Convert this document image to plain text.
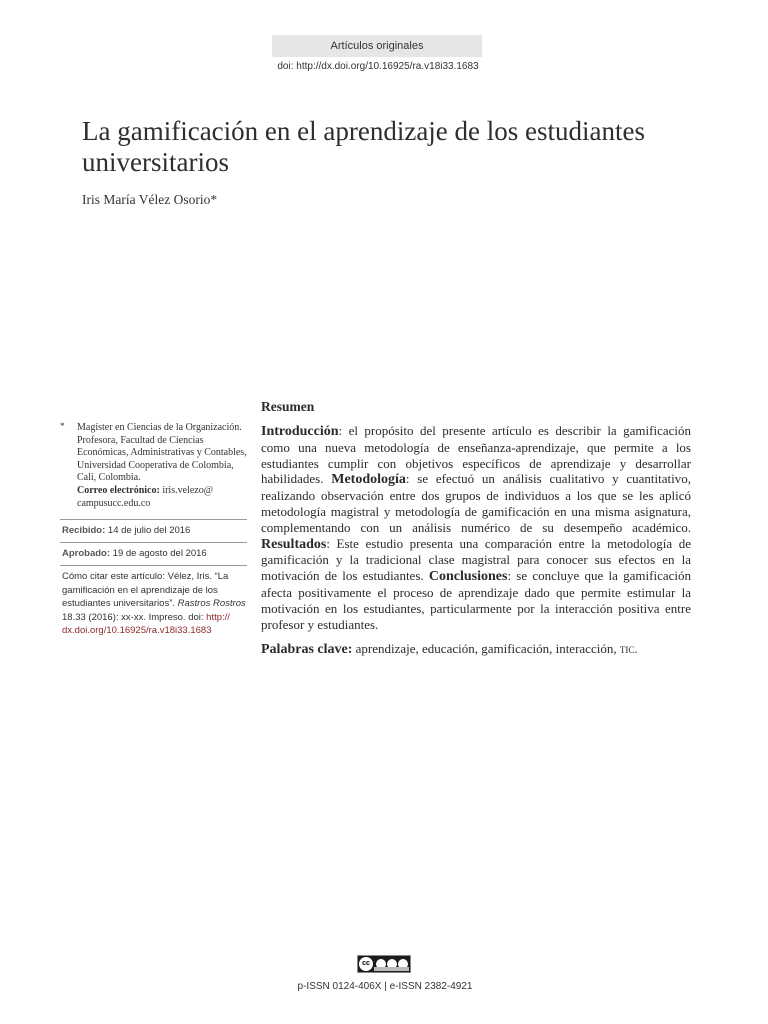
Artículos originales
doi: http://dx.doi.org/10.16925/ra.v18i33.1683
La gamificación en el aprendizaje de los estudiantes universitarios

Iris María Vélez Osorio*

* Magíster en Ciencias de la Organización. Profesora, Facultad de Ciencias Económicas, Administrativas y Contables, Universidad Cooperativa de Colombia, Cali, Colombia.
Correo electrónico: iris.velezo@ campusucc.edu.co
Recibido: 14 de julio del 2016
Aprobado: 19 de agosto del 2016
Cómo citar este artículo: Vélez, Iris. “La gamificación en el aprendizaje de los estudiantes universitarios”. Rastros Rostros 18.33 (2016): xx-xx. Impreso. doi: http:// dx.doi.org/10.16925/ra.v18i33.1683

Resumen

Introducción: el propósito del presente artículo es describir la gamificación como una nueva metodología de enseñanza-aprendizaje, que permite a los estudiantes cumplir con objetivos específicos de aprendizaje y desarrollar habilidades. Metodología: se efectuó un análisis cualitativo y cuantitativo, realizando observación entre dos grupos de individuos a los que se les aplicó metodología magistral y metodología de gamificación en una misma asignatura, complementando con un análisis numérico de su desempeño académico. Resultados: Este estudio presenta una comparación entre la metodología de gamificación y la tradicional clase magistral para conocer sus efectos en la motivación de los estudiantes. Conclusiones: se concluye que la gamificación afecta positivamente el proceso de aprendizaje dado que permite estimular la motivación en los estudiantes, particularmente por la interacción positiva entre profesor y estudiantes.

Palabras clave: aprendizaje, educación, gamificación, interacción, tic.

cc
p-ISSN 0124-406X | e-ISSN 2382-4921
